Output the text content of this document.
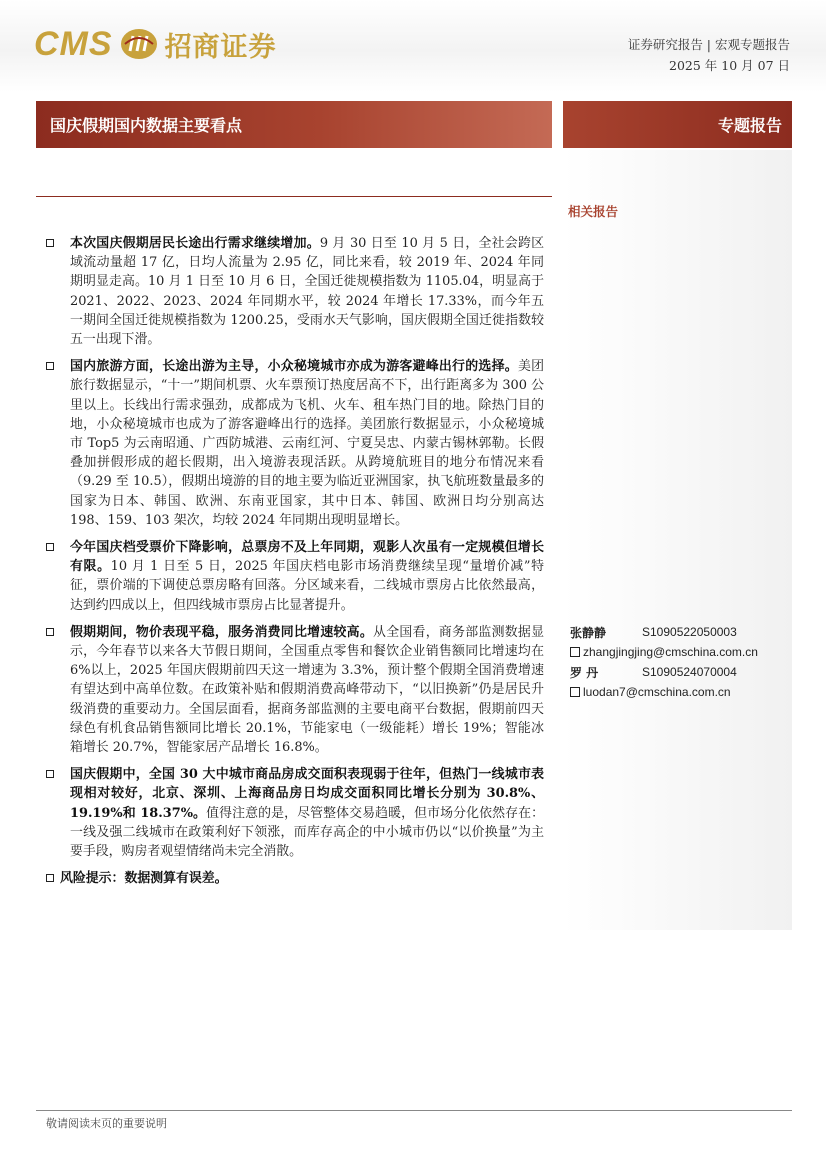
CMS 招商证券	证券研究报告 | 宏观专题报告
2025 年 10 月 07 日
国庆假期国内数据主要看点	专题报告
相关报告
本次国庆假期居民长途出行需求继续增加。9 月 30 日至 10 月 5 日，全社会跨区域流动量超 17 亿，日均人流量为 2.95 亿，同比来看，较 2019 年、2024 年同期明显走高。10 月 1 日至 10 月 6 日，全国迁徙规模指数为 1105.04，明显高于 2021、2022、2023、2024 年同期水平，较 2024 年增长 17.33%，而今年五一期间全国迁徙规模指数为 1200.25，受雨水天气影响，国庆假期全国迁徙指数较五一出现下滑。
国内旅游方面，长途出游为主导，小众秘境城市亦成为游客避峰出行的选择。美团旅行数据显示，“十一”期间机票、火车票预订热度居高不下，出行距离多为 300 公里以上。长线出行需求强劲，成都成为飞机、火车、租车热门目的地。除热门目的地，小众秘境城市也成为了游客避峰出行的选择。美团旅行数据显示，小众秘境城市 Top5 为云南昭通、广西防城港、云南红河、宁夏吴忠、内蒙古锡林郭勒。长假叠加拼假形成的超长假期，出入境游表现活跃。从跨境航班目的地分布情况来看（9.29 至 10.5），假期出境游的目的地主要为临近亚洲国家，执飞航班数量最多的国家为日本、韩国、欧洲、东南亚国家，其中日本、韩国、欧洲日均分别高达 198、159、103 架次，均较 2024 年同期出现明显增长。
今年国庆档受票价下降影响，总票房不及上年同期，观影人次虽有一定规模但增长有限。10 月 1 日至 5 日，2025 年国庆档电影市场消费继续呈现“量增价减”特征，票价端的下调使总票房略有回落。分区域来看，二线城市票房占比依然最高，达到约四成以上，但四线城市票房占比显著提升。
假期期间，物价表现平稳，服务消费同比增速较高。从全国看，商务部监测数据显示，今年春节以来各大节假日期间，全国重点零售和餐饮企业销售额同比增速均在 6%以上，2025 年国庆假期前四天这一增速为 3.3%，预计整个假期全国消费增速有望达到中高单位数。在政策补贴和假期消费高峰带动下，“以旧换新”仍是居民升级消费的重要动力。全国层面看，据商务部监测的主要电商平台数据，假期前四天绿色有机食品销售额同比增长 20.1%，节能家电（一级能耗）增长 19%；智能冰箱增长 20.7%，智能家居产品增长 16.8%。
国庆假期中，全国 30 大中城市商品房成交面积表现弱于往年，但热门一线城市表现相对较好，北京、深圳、上海商品房日均成交面积同比增长分别为 30.8%、19.19%和 18.37%。值得注意的是，尽管整体交易趋暖，但市场分化依然存在：一线及强二线城市在政策利好下领涨，而库存高企的中小城市仍以“以价换量”为主要手段，购房者观望情绪尚未完全消散。
风险提示：数据测算有误差。
张静静	S1090522050003
zhangjingjing@cmschina.com.cn
罗 丹	S1090524070004
luodan7@cmschina.com.cn
敬请阅读末页的重要说明
